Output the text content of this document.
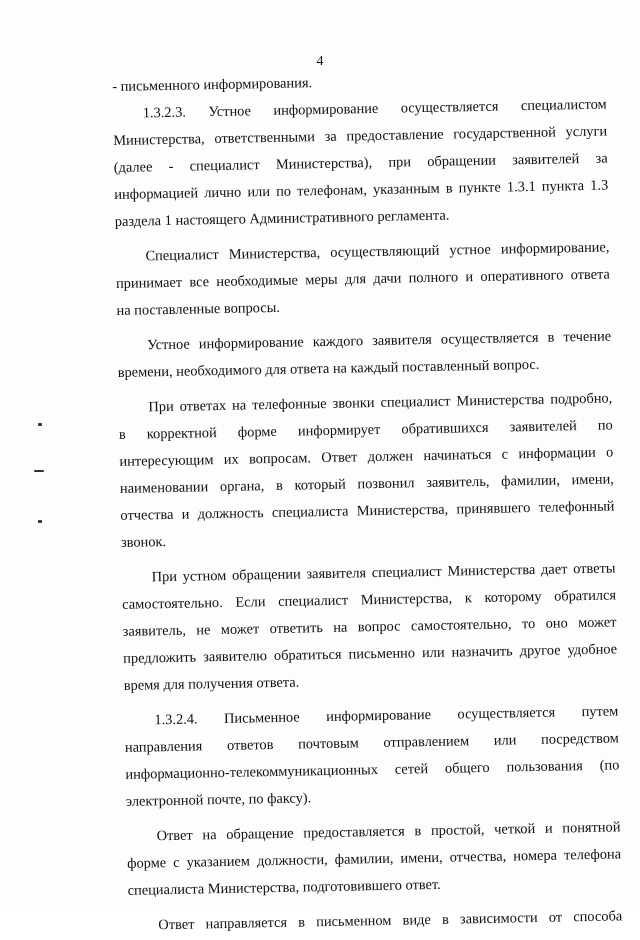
4
- письменного информирования.
1.3.2.3. Устное информирование осуществляется специалистом
Министерства, ответственными за предоставление государственной услуги
(далее - специалист Министерства), при обращении заявителей за
информацией лично или по телефонам, указанным в пункте 1.3.1 пункта 1.3
раздела 1 настоящего Административного регламента.
Специалист Министерства, осуществляющий устное информирование,
принимает все необходимые меры для дачи полного и оперативного ответа
на поставленные вопросы.
Устное информирование каждого заявителя осуществляется в течение
времени, необходимого для ответа на каждый поставленный вопрос.
При ответах на телефонные звонки специалист Министерства подробно,
в корректной форме информирует обратившихся заявителей по
интересующим их вопросам. Ответ должен начинаться с информации о
наименовании органа, в который позвонил заявитель, фамилии, имени,
отчества и должность специалиста Министерства, принявшего телефонный
звонок.
При устном обращении заявителя специалист Министерства дает ответы
самостоятельно. Если специалист Министерства, к которому обратился
заявитель, не может ответить на вопрос самостоятельно, то оно может
предложить заявителю обратиться письменно или назначить другое удобное
время для получения ответа.
1.3.2.4. Письменное информирование осуществляется путем
направления ответов почтовым отправлением или посредством
информационно-телекоммуникационных сетей общего пользования (по
электронной почте, по факсу).
Ответ на обращение предоставляется в простой, четкой и понятной
форме с указанием должности, фамилии, имени, отчества, номера телефона
специалиста Министерства, подготовившего ответ.
Ответ направляется в письменном виде в зависимости от способа
